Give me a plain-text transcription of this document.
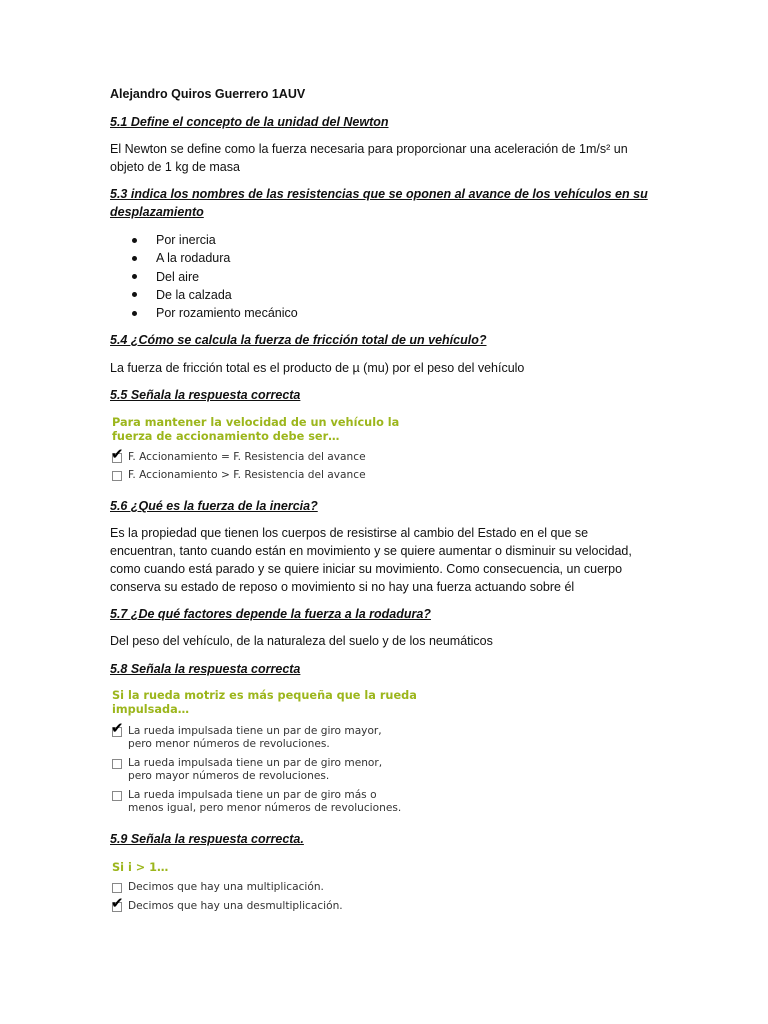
Alejandro Quiros Guerrero 1AUV
5.1 Define el concepto de la unidad del Newton
El Newton se define como la fuerza necesaria para proporcionar una aceleración de 1m/s² un
objeto de 1 kg de masa
5.3 indica los nombres de las resistencias que se oponen al avance de los vehículos en su
desplazamiento
Por inercia
A la rodadura
Del aire
De la calzada
Por rozamiento mecánico
5.4 ¿Cómo se calcula la fuerza de fricción total de un vehículo?
La fuerza de fricción total es el producto de µ (mu) por el peso del vehículo
5.5 Señala la respuesta correcta
Para mantener la velocidad de un vehículo la
fuerza de accionamiento debe ser…
✔ F. Accionamiento = F. Resistencia del avance
F. Accionamiento > F. Resistencia del avance
5.6 ¿Qué es la fuerza de la inercia?
Es la propiedad que tienen los cuerpos de resistirse al cambio del Estado en el que se
encuentran, tanto cuando están en movimiento y se quiere aumentar o disminuir su velocidad,
como cuando está parado y se quiere iniciar su movimiento. Como consecuencia, un cuerpo
conserva su estado de reposo o movimiento si no hay una fuerza actuando sobre él
5.7 ¿De qué factores depende la fuerza a la rodadura?
Del peso del vehículo, de la naturaleza del suelo y de los neumáticos
5.8 Señala la respuesta correcta
Si la rueda motriz es más pequeña que la rueda
impulsada…
✔ La rueda impulsada tiene un par de giro mayor,
pero menor números de revoluciones.
La rueda impulsada tiene un par de giro menor,
pero mayor números de revoluciones.
La rueda impulsada tiene un par de giro más o
menos igual, pero menor números de revoluciones.
5.9 Señala la respuesta correcta.
Si i > 1…
Decimos que hay una multiplicación.
✔ Decimos que hay una desmultiplicación.
